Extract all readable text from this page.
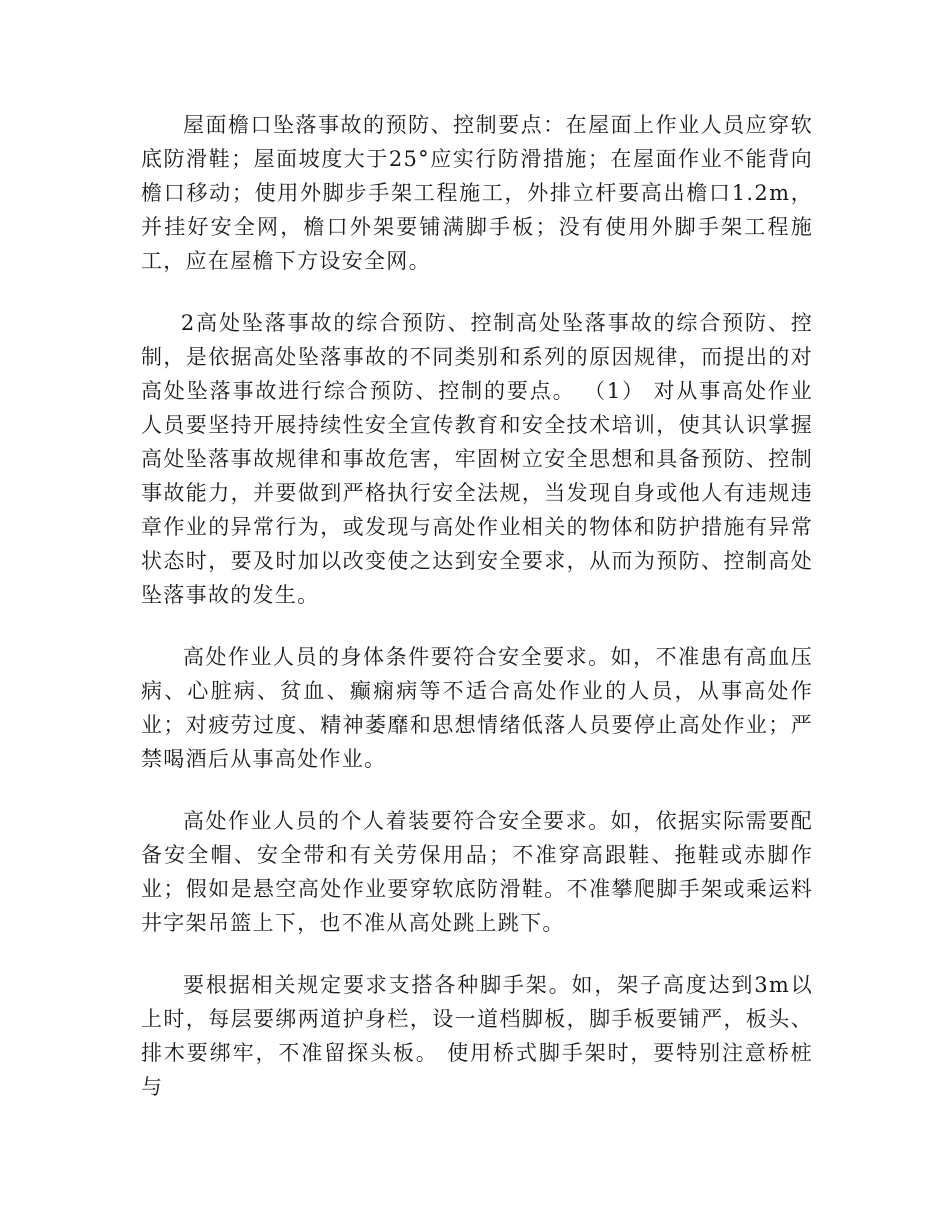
屋面檐口坠落事故的预防、控制要点：在屋面上作业人员应穿软底防滑鞋；屋面坡度大于25°应实行防滑措施；在屋面作业不能背向檐口移动；使用外脚步手架工程施工，外排立杆要高出檐口1.2m，并挂好安全网，檐口外架要铺满脚手板；没有使用外脚手架工程施工，应在屋檐下方设安全网。

2高处坠落事故的综合预防、控制高处坠落事故的综合预防、控制，是依据高处坠落事故的不同类别和系列的原因规律，而提出的对高处坠落事故进行综合预防、控制的要点。 （1） 对从事高处作业人员要坚持开展持续性安全宣传教育和安全技术培训，使其认识掌握高处坠落事故规律和事故危害，牢固树立安全思想和具备预防、控制事故能力，并要做到严格执行安全法规，当发现自身或他人有违规违章作业的异常行为，或发现与高处作业相关的物体和防护措施有异常状态时，要及时加以改变使之达到安全要求，从而为预防、控制高处坠落事故的发生。

高处作业人员的身体条件要符合安全要求。如，不准患有高血压病、心脏病、贫血、癫痫病等不适合高处作业的人员，从事高处作业；对疲劳过度、精神萎靡和思想情绪低落人员要停止高处作业；严禁喝酒后从事高处作业。

高处作业人员的个人着装要符合安全要求。如，依据实际需要配备安全帽、安全带和有关劳保用品；不准穿高跟鞋、拖鞋或赤脚作业；假如是悬空高处作业要穿软底防滑鞋。不准攀爬脚手架或乘运料井字架吊篮上下，也不准从高处跳上跳下。

要根据相关规定要求支搭各种脚手架。如，架子高度达到3m以上时，每层要绑两道护身栏，设一道档脚板，脚手板要铺严，板头、排木要绑牢，不准留探头板。 使用桥式脚手架时，要特别注意桥桩与
